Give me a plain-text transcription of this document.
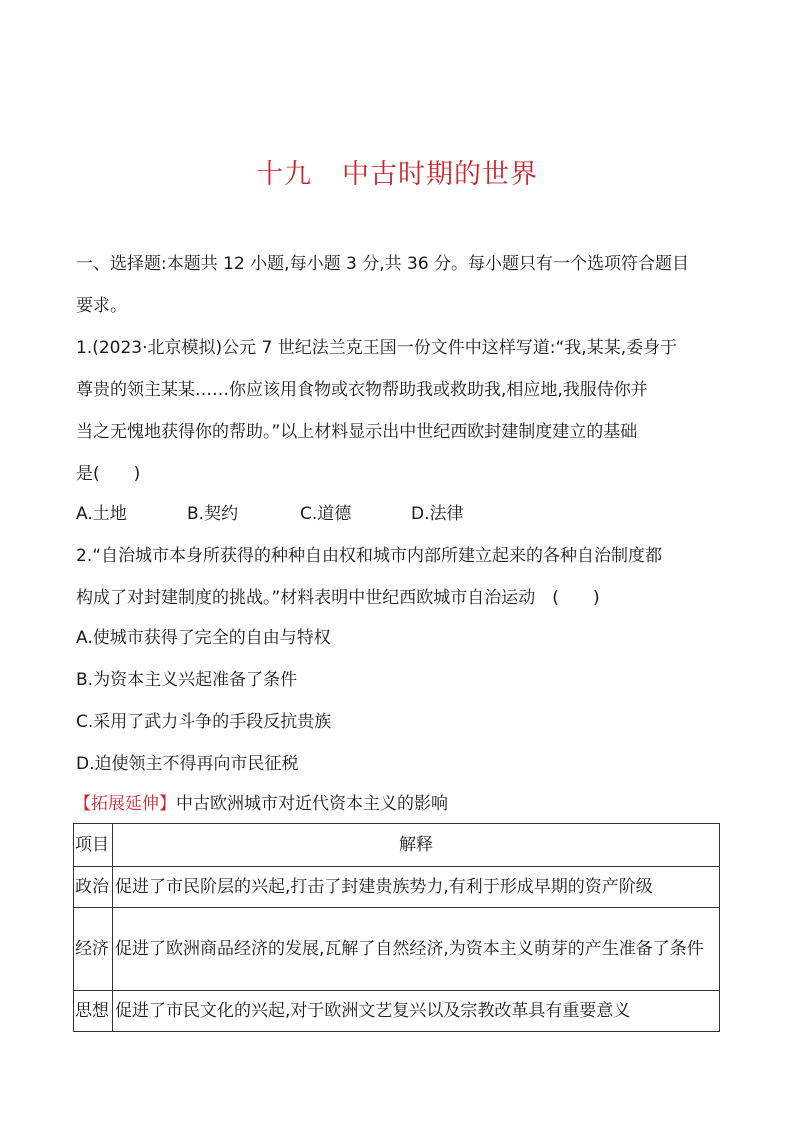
十九 中古时期的世界
一、选择题:本题共 12 小题,每小题 3 分,共 36 分。每小题只有一个选项符合题目
要求。
1.(2023·北京模拟)公元 7 世纪法兰克王国一份文件中这样写道:“我,某某,委身于
尊贵的领主某某……你应该用食物或衣物帮助我或救助我,相应地,我服侍你并
当之无愧地获得你的帮助。”以上材料显示出中世纪西欧封建制度建立的基础
是(　　)
A.土地	B.契约	C.道德	D.法律
2.“自治城市本身所获得的种种自由权和城市内部所建立起来的各种自治制度都
构成了对封建制度的挑战。”材料表明中世纪西欧城市自治运动　(　　)
A.使城市获得了完全的自由与特权
B.为资本主义兴起准备了条件
C.采用了武力斗争的手段反抗贵族
D.迫使领主不得再向市民征税
【拓展延伸】中古欧洲城市对近代资本主义的影响
项目	解释
政治	促进了市民阶层的兴起,打击了封建贵族势力,有利于形成早期的资产阶级
经济	促进了欧洲商品经济的发展,瓦解了自然经济,为资本主义萌芽的产生准备了条件
思想	促进了市民文化的兴起,对于欧洲文艺复兴以及宗教改革具有重要意义
